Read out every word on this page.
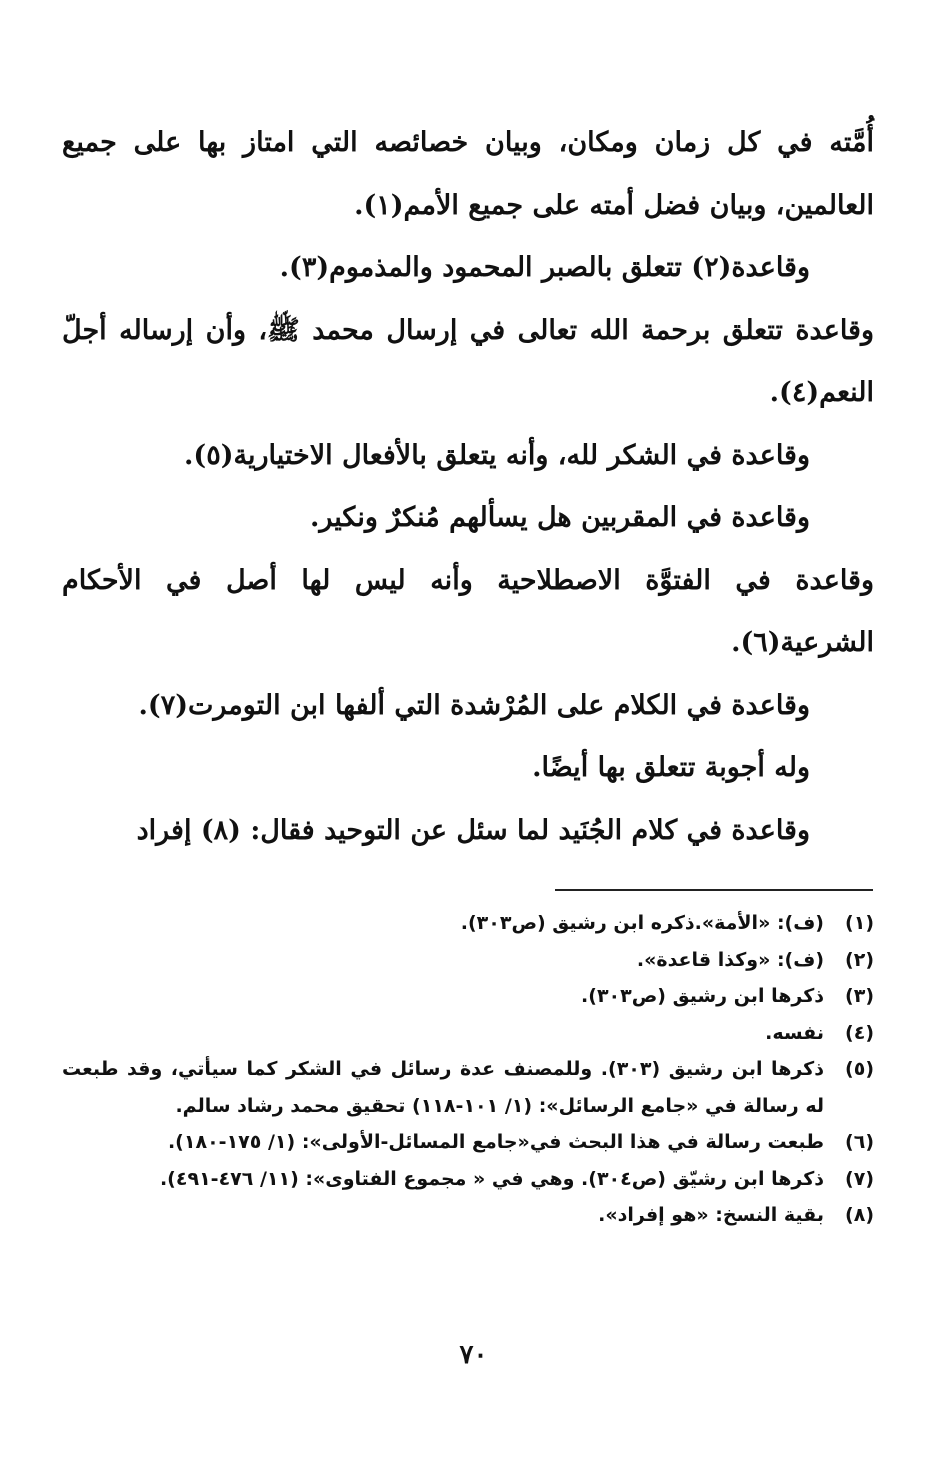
أُمَّته في كل زمان ومكان، وبيان خصائصه التي امتاز بها على جميع العالمين، وبيان فضل أمته على جميع الأمم(١).

وقاعدة(٢) تتعلق بالصبر المحمود والمذموم(٣).

وقاعدة تتعلق برحمة الله تعالى في إرسال محمد ﷺ، وأن إرساله أجلّ النعم(٤).

وقاعدة في الشكر لله، وأنه يتعلق بالأفعال الاختيارية(٥).

وقاعدة في المقربين هل يسألهم مُنكرٌ ونكير.

وقاعدة في الفتوَّة الاصطلاحية وأنه ليس لها أصل في الأحكام الشرعية(٦).

وقاعدة في الكلام على المُرْشدة التي ألفها ابن التومرت(٧).

وله أجوبة تتعلق بها أيضًا.

وقاعدة في كلام الجُنَيد لما سئل عن التوحيد فقال: (٨) إفراد

(١)
(ف): «الأمة».ذكره ابن رشيق (ص٣٠٣).
(٢)
(ف): «وكذا قاعدة».
(٣)
ذكرها ابن رشيق (ص٣٠٣).
(٤)
نفسه.
(٥)
ذكرها ابن رشيق (٣٠٣). وللمصنف عدة رسائل في الشكر كما سيأتي، وقد طبعت له رسالة في «جامع الرسائل»: (١/ ١٠١-١١٨) تحقيق محمد رشاد سالم.
(٦)
طبعت رسالة في هذا البحث في«جامع المسائل-الأولى»: (١/ ١٧٥-١٨٠).
(٧)
ذكرها ابن رشيّق (ص٣٠٤). وهي في « مجموع الفتاوى»: (١١/ ٤٧٦-٤٩١).
(٨)
بقية النسخ: «هو إفراد».
٧٠
